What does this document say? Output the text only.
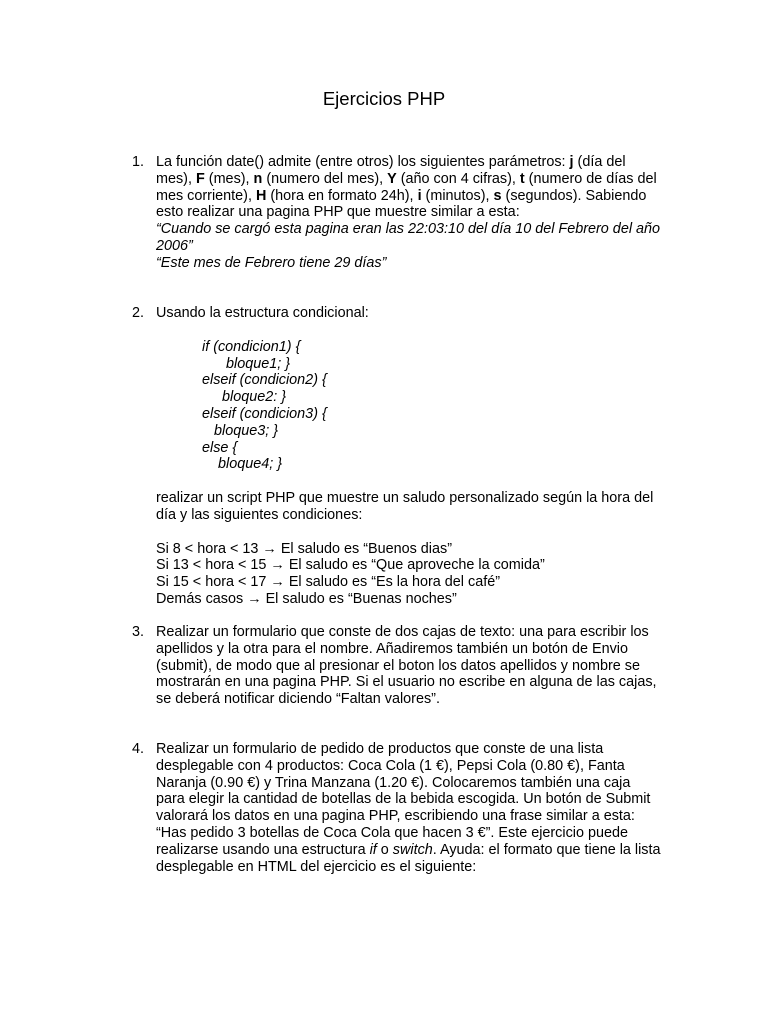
Ejercicios PHP
1. La función date() admite (entre otros) los siguientes parámetros: j (día del mes), F (mes), n (numero del mes), Y (año con 4 cifras), t (numero de días del mes corriente), H (hora en formato 24h), i (minutos), s (segundos). Sabiendo esto realizar una pagina PHP que muestre similar a esta:
“Cuando se cargó esta pagina eran las 22:03:10 del día 10 del Febrero del año 2006”
“Este mes de Febrero tiene 29 días”
2. Usando la estructura condicional:
if (condicion1) {
bloque1; }
elseif (condicion2) {
bloque2: }
elseif (condicion3) {
bloque3; }
else {
bloque4; }
realizar un script PHP que muestre un saludo personalizado según la hora del día y las siguientes condiciones:
Si 8 < hora < 13 → El saludo es “Buenos dias”
Si 13 < hora < 15 → El saludo es “Que aproveche la comida”
Si 15 < hora < 17 → El saludo es “Es la hora del café”
Demás casos → El saludo es “Buenas noches”
3. Realizar un formulario que conste de dos cajas de texto: una para escribir los apellidos y la otra para el nombre. Añadiremos también un botón de Envio (submit), de modo que al presionar el boton los datos apellidos y nombre se mostrarán en una pagina PHP. Si el usuario no escribe en alguna de las cajas, se deberá notificar diciendo “Faltan valores”.
4. Realizar un formulario de pedido de productos que conste de una lista desplegable con 4 productos: Coca Cola (1 €), Pepsi Cola (0.80 €), Fanta Naranja (0.90 €) y Trina Manzana (1.20 €). Colocaremos también una caja para elegir la cantidad de botellas de la bebida escogida. Un botón de Submit valorará los datos en una pagina PHP, escribiendo una frase similar a esta: “Has pedido 3 botellas de Coca Cola que hacen 3 €”. Este ejercicio puede realizarse usando una estructura if o switch. Ayuda: el formato que tiene la lista desplegable en HTML del ejercicio es el siguiente:
